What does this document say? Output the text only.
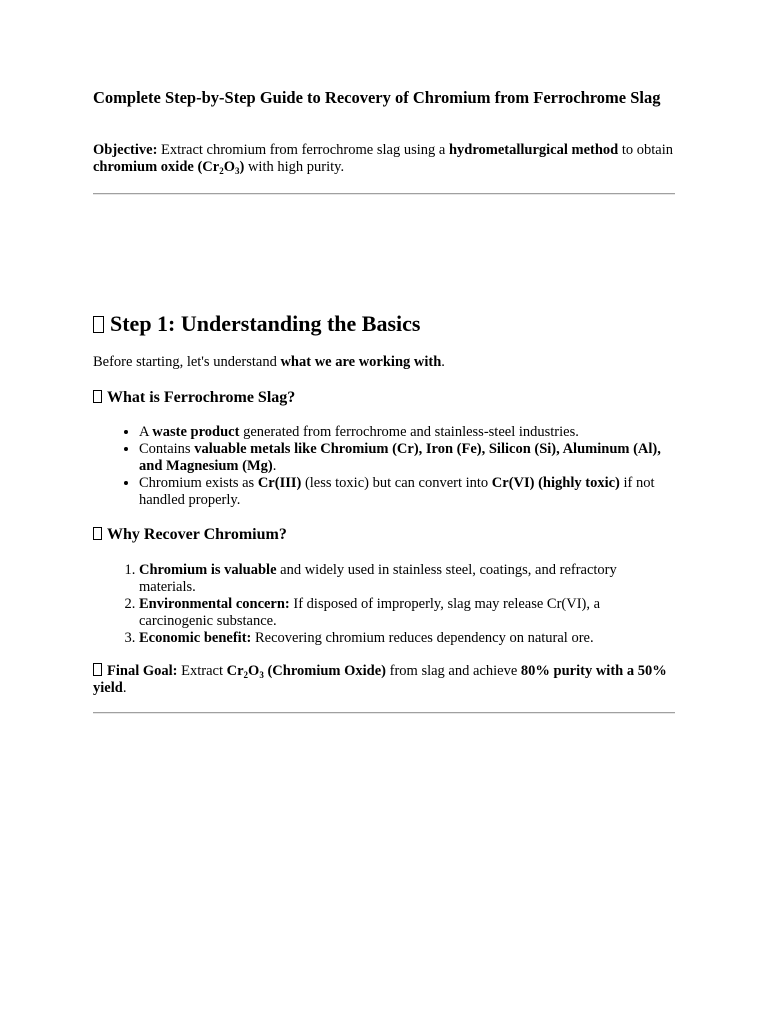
Complete Step-by-Step Guide to Recovery of Chromium from Ferrochrome Slag

Objective: Extract chromium from ferrochrome slag using a hydrometallurgical method to obtain chromium oxide $(Cr_2O_3)$ with high purity.

Step 1: Understanding the Basics

Before starting, let's understand what we are working with.

What is Ferrochrome Slag?
• A waste product generated from ferrochrome and stainless-steel industries.
• Contains valuable metals like Chromium (Cr), Iron (Fe), Silicon (Si), Aluminum (Al), and Magnesium (Mg).
• Chromium exists as Cr(III) (less toxic) but can convert into Cr(VI) (highly toxic) if not handled properly.
Why Recover Chromium?
1. Chromium is valuable and widely used in stainless steel, coatings, and refractory materials.
2. Environmental concern: If disposed of improperly, slag may release Cr(VI), a carcinogenic substance.
3. Economic benefit: Recovering chromium reduces dependency on natural ore.

Final Goal: Extract $Cr_2O_3$ (Chromium Oxide) from slag and achieve 80% purity with a 50% yield.
